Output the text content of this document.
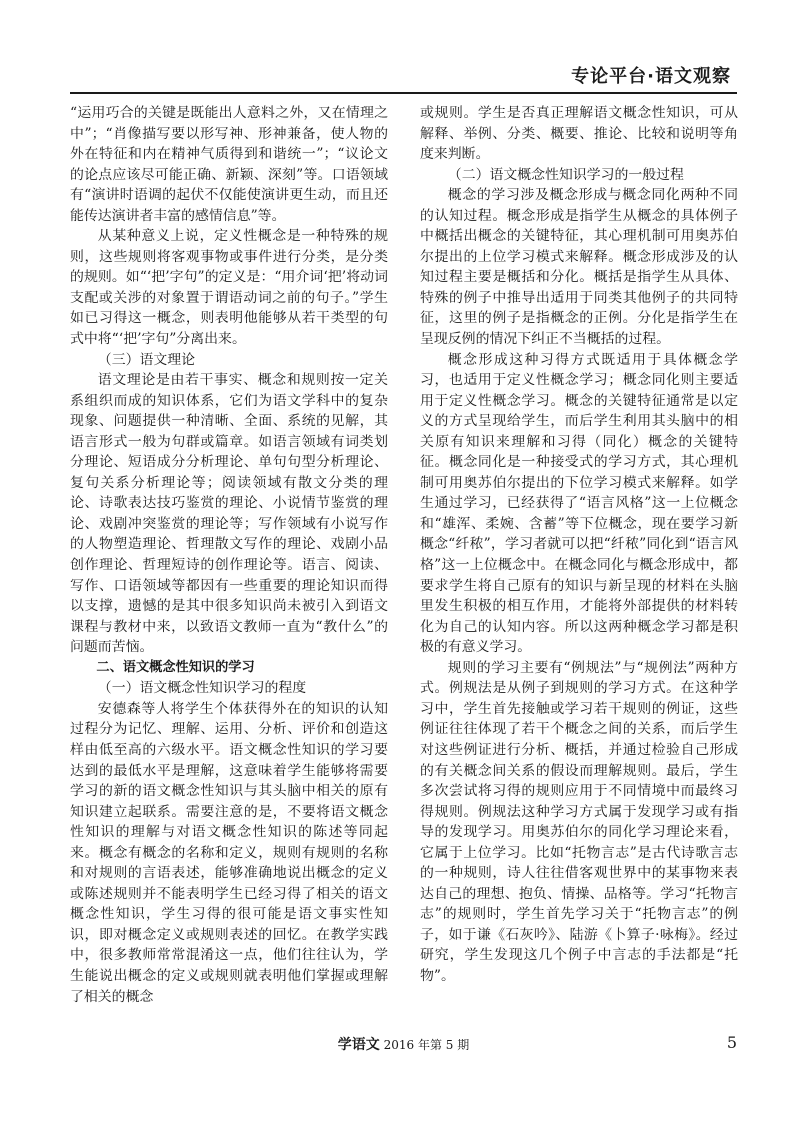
专论平台·语文观察

“运用巧合的关键是既能出人意料之外，又在情理之中”；“肖像描写要以形写神、形神兼备，使人物的外在特征和内在精神气质得到和谐统一”；“议论文的论点应该尽可能正确、新颖、深刻”等。口语领域有“演讲时语调的起伏不仅能使演讲更生动，而且还能传达演讲者丰富的感情信息”等。

从某种意义上说，定义性概念是一种特殊的规则，这些规则将客观事物或事件进行分类，是分类的规则。如“‘把’字句”的定义是：“用介词‘把’将动词支配或关涉的对象置于谓语动词之前的句子。”学生如已习得这一概念，则表明他能够从若干类型的句式中将“‘把’字句”分离出来。

（三）语文理论

语文理论是由若干事实、概念和规则按一定关系组织而成的知识体系，它们为语文学科中的复杂现象、问题提供一种清晰、全面、系统的见解，其语言形式一般为句群或篇章。如语言领域有词类划分理论、短语成分分析理论、单句句型分析理论、复句关系分析理论等；阅读领域有散文分类的理论、诗歌表达技巧鉴赏的理论、小说情节鉴赏的理论、戏剧冲突鉴赏的理论等；写作领域有小说写作的人物塑造理论、哲理散文写作的理论、戏剧小品创作理论、哲理短诗的创作理论等。语言、阅读、写作、口语领域等都因有一些重要的理论知识而得以支撑，遗憾的是其中很多知识尚未被引入到语文课程与教材中来，以致语文教师一直为“教什么”的问题而苦恼。

二、语文概念性知识的学习

（一）语文概念性知识学习的程度

安德森等人将学生个体获得外在的知识的认知过程分为记忆、理解、运用、分析、评价和创造这样由低至高的六级水平。语文概念性知识的学习要达到的最低水平是理解，这意味着学生能够将需要学习的新的语文概念性知识与其头脑中相关的原有知识建立起联系。需要注意的是，不要将语文概念性知识的理解与对语文概念性知识的陈述等同起来。概念有概念的名称和定义，规则有规则的名称和对规则的言语表述，能够准确地说出概念的定义或陈述规则并不能表明学生已经习得了相关的语文概念性知识，学生习得的很可能是语文事实性知识，即对概念定义或规则表述的回忆。在教学实践中，很多教师常常混淆这一点，他们往往认为，学生能说出概念的定义或规则就表明他们掌握或理解了相关的概念

或规则。学生是否真正理解语文概念性知识，可从解释、举例、分类、概要、推论、比较和说明等角度来判断。

（二）语文概念性知识学习的一般过程

概念的学习涉及概念形成与概念同化两种不同的认知过程。概念形成是指学生从概念的具体例子中概括出概念的关键特征，其心理机制可用奥苏伯尔提出的上位学习模式来解释。概念形成涉及的认知过程主要是概括和分化。概括是指学生从具体、特殊的例子中推导出适用于同类其他例子的共同特征，这里的例子是指概念的正例。分化是指学生在呈现反例的情况下纠正不当概括的过程。

概念形成这种习得方式既适用于具体概念学习，也适用于定义性概念学习；概念同化则主要适用于定义性概念学习。概念的关键特征通常是以定义的方式呈现给学生，而后学生利用其头脑中的相关原有知识来理解和习得（同化）概念的关键特征。概念同化是一种接受式的学习方式，其心理机制可用奥苏伯尔提出的下位学习模式来解释。如学生通过学习，已经获得了“语言风格”这一上位概念和“雄浑、柔婉、含蓄”等下位概念，现在要学习新概念“纤秾”，学习者就可以把“纤秾”同化到“语言风格”这一上位概念中。在概念同化与概念形成中，都要求学生将自己原有的知识与新呈现的材料在头脑里发生积极的相互作用，才能将外部提供的材料转化为自己的认知内容。所以这两种概念学习都是积极的有意义学习。

规则的学习主要有“例规法”与“规例法”两种方式。例规法是从例子到规则的学习方式。在这种学习中，学生首先接触或学习若干规则的例证，这些例证往往体现了若干个概念之间的关系，而后学生对这些例证进行分析、概括，并通过检验自己形成的有关概念间关系的假设而理解规则。最后，学生多次尝试将习得的规则应用于不同情境中而最终习得规则。例规法这种学习方式属于发现学习或有指导的发现学习。用奥苏伯尔的同化学习理论来看，它属于上位学习。比如“托物言志”是古代诗歌言志的一种规则，诗人往往借客观世界中的某事物来表达自己的理想、抱负、情操、品格等。学习“托物言志”的规则时，学生首先学习关于“托物言志”的例子，如于谦《石灰吟》、陆游《卜算子·咏梅》。经过研究，学生发现这几个例子中言志的手法都是“托物”。

学语文 2016 年第 5 期	5
